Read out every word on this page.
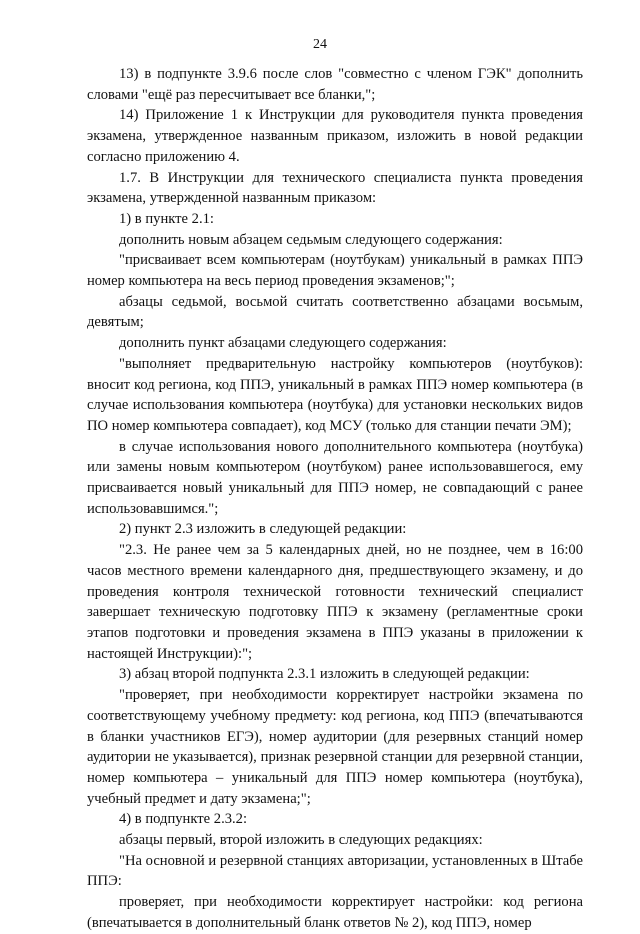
24

13) в подпункте 3.9.6 после слов "совместно с членом ГЭК" дополнить словами "ещё раз пересчитывает все бланки,";

14) Приложение 1 к Инструкции для руководителя пункта проведения экзамена, утвержденное названным приказом, изложить в новой редакции согласно приложению 4.

1.7. В Инструкции для технического специалиста пункта проведения экзамена, утвержденной названным приказом:

1) в пункте 2.1:

дополнить новым абзацем седьмым следующего содержания:

"присваивает всем компьютерам (ноутбукам) уникальный в рамках ППЭ номер компьютера на весь период проведения экзаменов;";

абзацы седьмой, восьмой считать соответственно абзацами восьмым, девятым;

дополнить пункт абзацами следующего содержания:

"выполняет предварительную настройку компьютеров (ноутбуков): вносит код региона, код ППЭ, уникальный в рамках ППЭ номер компьютера (в случае использования компьютера (ноутбука) для установки нескольких видов ПО номер компьютера совпадает), код МСУ (только для станции печати ЭМ);

в случае использования нового дополнительного компьютера (ноутбука) или замены новым компьютером (ноутбуком) ранее использовавшегося, ему присваивается новый уникальный для ППЭ номер, не совпадающий с ранее использовавшимся.";

2) пункт 2.3 изложить в следующей редакции:

"2.3. Не ранее чем за 5 календарных дней, но не позднее, чем в 16:00 часов местного времени календарного дня, предшествующего экзамену, и до проведения контроля технической готовности технический специалист завершает техническую подготовку ППЭ к экзамену (регламентные сроки этапов подготовки и проведения экзамена в ППЭ указаны в приложении к настоящей Инструкции):";

3) абзац второй подпункта 2.3.1 изложить в следующей редакции:

"проверяет, при необходимости корректирует настройки экзамена по соответствующему учебному предмету: код региона, код ППЭ (впечатываются в бланки участников ЕГЭ), номер аудитории (для резервных станций номер аудитории не указывается), признак резервной станции для резервной станции, номер компьютера – уникальный для ППЭ номер компьютера (ноутбука), учебный предмет и дату экзамена;";

4) в подпункте 2.3.2:

абзацы первый, второй изложить в следующих редакциях:

"На основной и резервной станциях авторизации, установленных в Штабе ППЭ:

проверяет, при необходимости корректирует настройки: код региона (впечатывается в дополнительный бланк ответов № 2), код ППЭ, номер
